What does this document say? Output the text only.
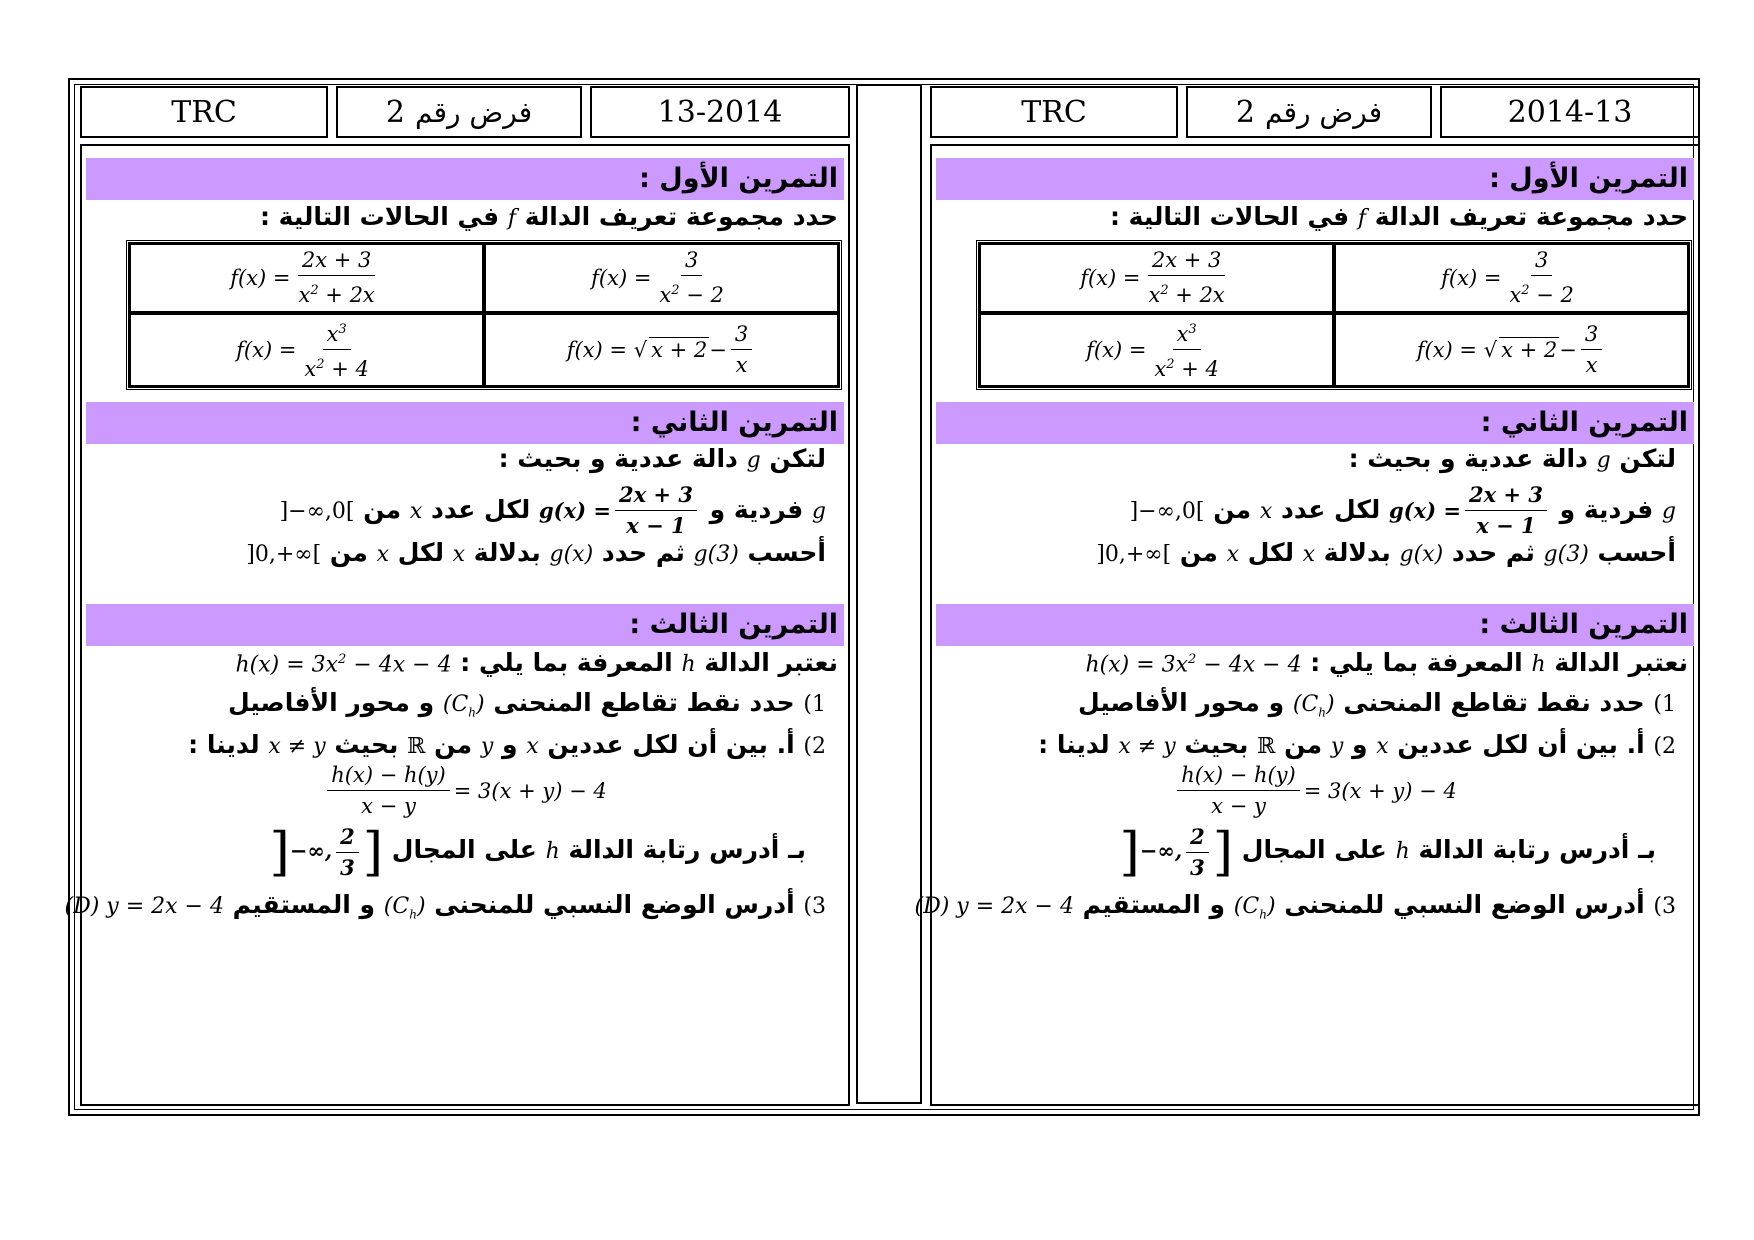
TRC	2 فرض رقم	13-2014
التمرين الأول :
حدد مجموعة تعريف الدالة f في الحالات التالية :
$f(x) = \frac{2x + 3}{x^2 + 2x}$	$f(x) = \frac{3}{x^2 - 2}$

$f(x) = \frac{x^3}{x^2 + 4}$	f(x) = √ $x + 2 - \frac{3}{x}$
التمرين الثاني :
لتكن g دالة عددية و بحيث :
g فردية و $g(x) = \frac{2x + 3}{x - 1}$
لكل عدد x من ]−∞,0[
أحسب g(3) ثم حدد g(x) بدلالة x لكل x من ]0,+∞[
التمرين الثالث :
نعتبر الدالة h المعرفة بما يلي : $h(x) = 3x^2 - 4x - 4$
1) حدد نقط تقاطع المنحنى $(C_h)$ و محور الأفاصيل
2) أ. بين أن لكل عددين x و y من ℝ بحيث x ≠ y لدينا :
$\frac{h(x) - h(y)}{x - y} = 3(x + y) - 4$
بـ أدرس رتابة الدالة h على المجال ]−∞, $\frac{2}{3}$ ]
3) أدرس الوضع النسبي للمنحنى $(C_h)$ و المستقيم (D) y = 2x − 4
TRC	2 فرض رقم	2014-13
التمرين الأول :
حدد مجموعة تعريف الدالة f في الحالات التالية :
$f(x) = \frac{2x + 3}{x^2 + 2x}$	$f(x) = \frac{3}{x^2 - 2}$

$f(x) = \frac{x^3}{x^2 + 4}$	f(x) = √ $x + 2 - \frac{3}{x}$
التمرين الثاني :
لتكن g دالة عددية و بحيث :
g فردية و $g(x) = \frac{2x + 3}{x - 1}$
لكل عدد x من ]−∞,0[
أحسب g(3) ثم حدد g(x) بدلالة x لكل x من ]0,+∞[
التمرين الثالث :
نعتبر الدالة h المعرفة بما يلي : $h(x) = 3x^2 - 4x - 4$
1) حدد نقط تقاطع المنحنى $(C_h)$ و محور الأفاصيل
2) أ. بين أن لكل عددين x و y من ℝ بحيث x ≠ y لدينا :
$\frac{h(x) - h(y)}{x - y} = 3(x + y) - 4$
بـ أدرس رتابة الدالة h على المجال ]−∞, $\frac{2}{3}$ ]
3) أدرس الوضع النسبي للمنحنى $(C_h)$ و المستقيم (D) y = 2x − 4
